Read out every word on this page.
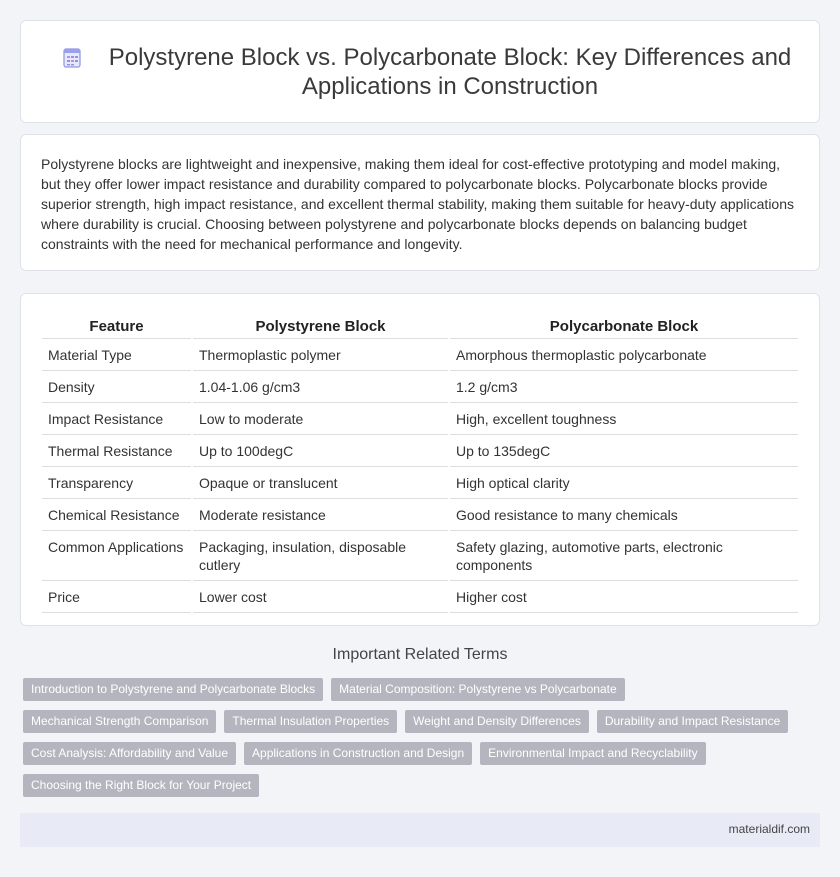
Polystyrene Block vs. Polycarbonate Block: Key Differences and Applications in Construction

Polystyrene blocks are lightweight and inexpensive, making them ideal for cost-effective prototyping and model making, but they offer lower impact resistance and durability compared to polycarbonate blocks. Polycarbonate blocks provide superior strength, high impact resistance, and excellent thermal stability, making them suitable for heavy-duty applications where durability is crucial. Choosing between polystyrene and polycarbonate blocks depends on balancing budget constraints with the need for mechanical performance and longevity.

Feature	Polystyrene Block	Polycarbonate Block
Material Type	Thermoplastic polymer	Amorphous thermoplastic polycarbonate
Density	1.04-1.06 g/cm3	1.2 g/cm3
Impact Resistance	Low to moderate	High, excellent toughness
Thermal Resistance	Up to 100degC	Up to 135degC
Transparency	Opaque or translucent	High optical clarity
Chemical Resistance	Moderate resistance	Good resistance to many chemicals
Common Applications	Packaging, insulation, disposable cutlery	Safety glazing, automotive parts, electronic components
Price	Lower cost	Higher cost
Important Related Terms
Introduction to Polystyrene and Polycarbonate Blocks	Material Composition: Polystyrene vs Polycarbonate
Mechanical Strength Comparison	Thermal Insulation Properties	Weight and Density Differences	Durability and Impact Resistance
Cost Analysis: Affordability and Value	Applications in Construction and Design	Environmental Impact and Recyclability
Choosing the Right Block for Your Project
materialdif.com
